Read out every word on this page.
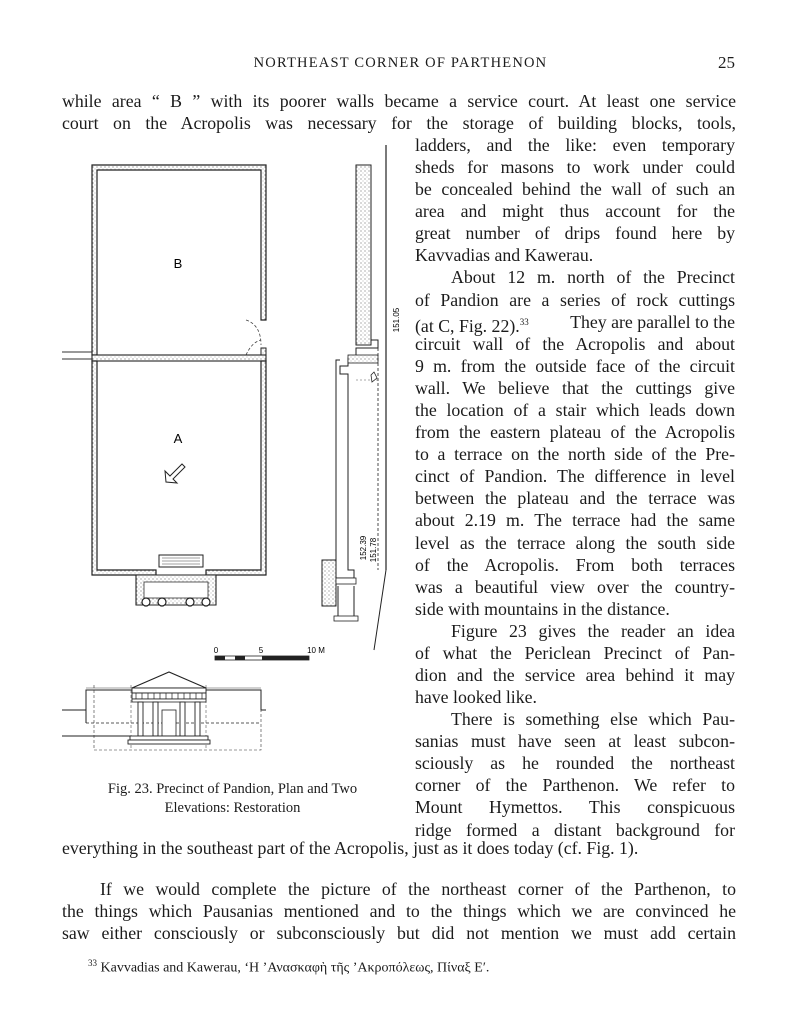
NORTHEAST CORNER OF PARTHENON	25
while area “ B ” with its poorer walls became a service court. At least one service
court on the Acropolis was necessary for the storage of building blocks, tools,
B
A
151.05
152.39 151.78
0	5	10 M
ladders, and the like: even temporary
sheds for masons to work under could
be concealed behind the wall of such an
area and might thus account for the
great number of drips found here by
Kavvadias and Kawerau.
About 12 m. north of the Precinct
of Pandion are a series of rock cuttings
(at C, Fig. 22).$^{33}$ They are parallel to the
circuit wall of the Acropolis and about
9 m. from the outside face of the circuit
wall. We believe that the cuttings give
the location of a stair which leads down
from the eastern plateau of the Acropolis
to a terrace on the north side of the Pre-
cinct of Pandion. The difference in level
between the plateau and the terrace was
about 2.19 m. The terrace had the same
level as the terrace along the south side
of the Acropolis. From both terraces
was a beautiful view over the country-
side with mountains in the distance.
Figure 23 gives the reader an idea
of what the Periclean Precinct of Pan-
dion and the service area behind it may
have looked like.
There is something else which Pau-
sanias must have seen at least subcon-
sciously as he rounded the northeast
corner of the Parthenon. We refer to
Mount Hymettos. This conspicuous
ridge formed a distant background for
Fig. 23. Precinct of Pandion, Plan and Two
Elevations: Restoration
everything in the southeast part of the Acropolis, just as it does today (cf. Fig. 1).
If we would complete the picture of the northeast corner of the Parthenon, to
the things which Pausanias mentioned and to the things which we are convinced he
saw either consciously or subconsciously but did not mention we must add certain
$^{33}$ Kavvadias and Kawerau, ‘Η ’Ανασκαφὴ τῆς ’Ακροπόλεως, Πίναξ Ε′.
